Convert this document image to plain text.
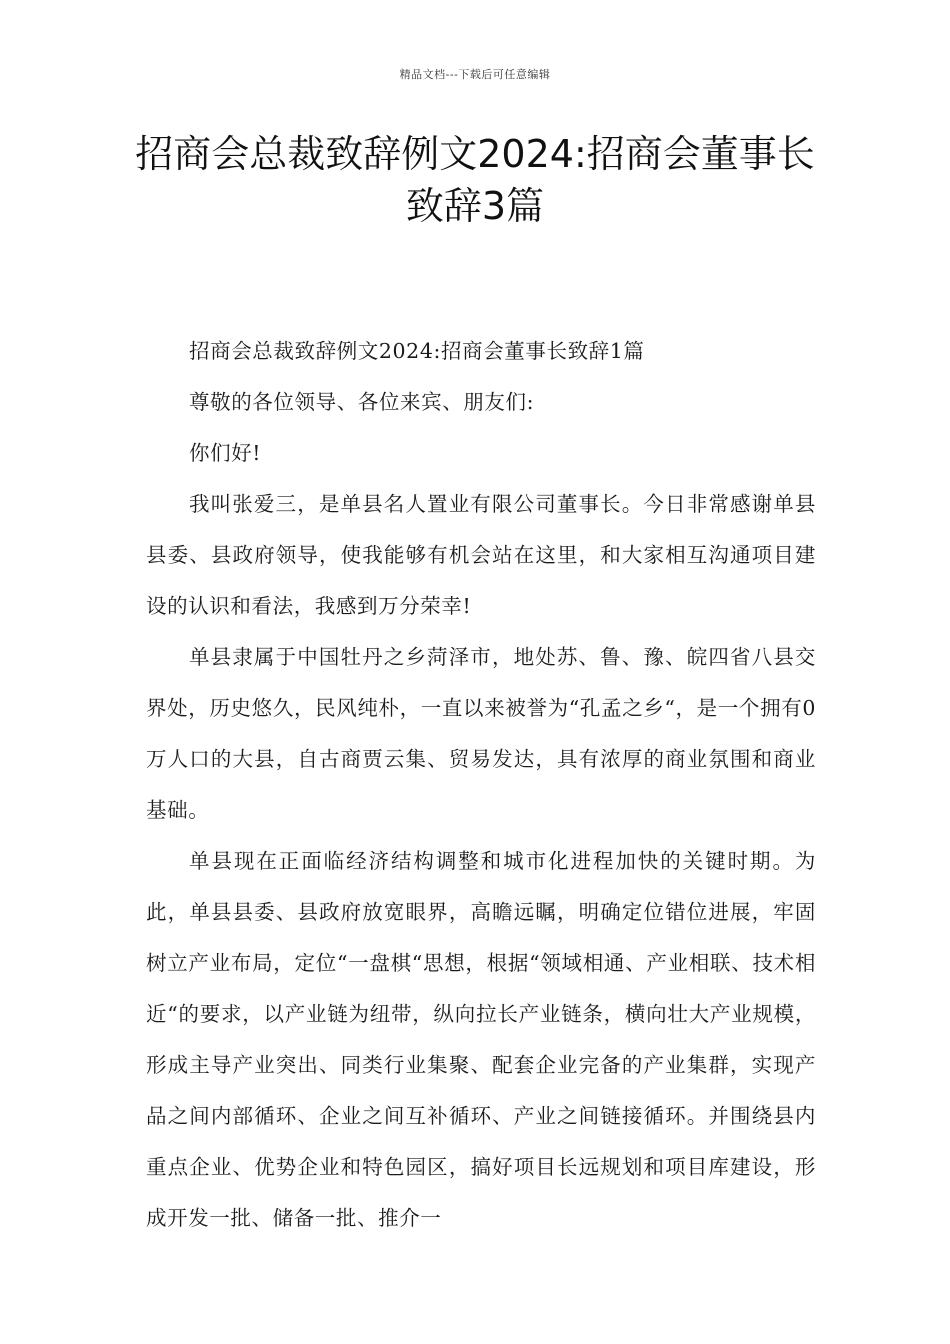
精品文档---下载后可任意编辑
招商会总裁致辞例文2024:招商会董事长致辞3篇

招商会总裁致辞例文2024:招商会董事长致辞1篇

尊敬的各位领导、各位来宾、朋友们:

你们好!

我叫张爱三，是单县名人置业有限公司董事长。今日非常感谢单县县委、县政府领导，使我能够有机会站在这里，和大家相互沟通项目建设的认识和看法，我感到万分荣幸!

单县隶属于中国牡丹之乡菏泽市，地处苏、鲁、豫、皖四省八县交界处，历史悠久，民风纯朴，一直以来被誉为“孔孟之乡“，是一个拥有0万人口的大县，自古商贾云集、贸易发达，具有浓厚的商业氛围和商业基础。

单县现在正面临经济结构调整和城市化进程加快的关键时期。为此，单县县委、县政府放宽眼界，高瞻远瞩，明确定位错位进展，牢固树立产业布局，定位“一盘棋“思想，根据“领域相通、产业相联、技术相近“的要求，以产业链为纽带，纵向拉长产业链条，横向壮大产业规模，形成主导产业突出、同类行业集聚、配套企业完备的产业集群，实现产品之间内部循环、企业之间互补循环、产业之间链接循环。并围绕县内重点企业、优势企业和特色园区，搞好项目长远规划和项目库建设，形成开发一批、储备一批、推介一
